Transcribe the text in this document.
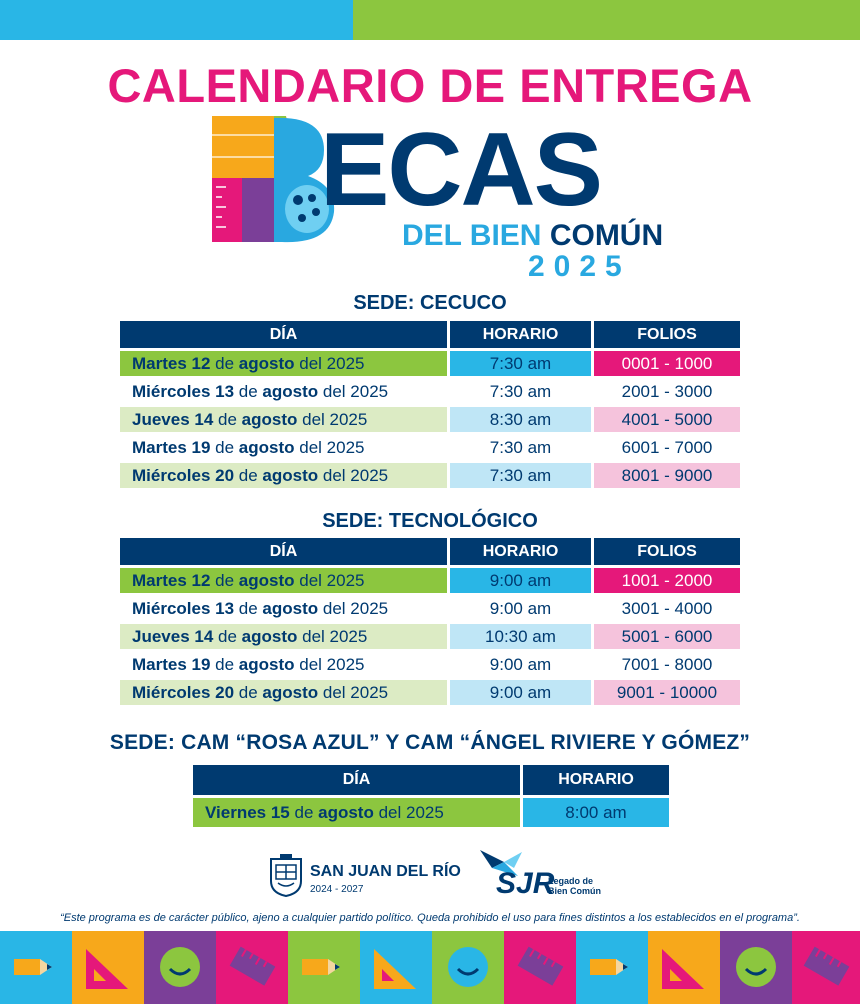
CALENDARIO DE ENTREGA
ECAS
DEL BIEN COMÚN
2025
SEDE: CECUCO
DÍA	HORARIO	FOLIOS
Martes 12 de agosto del 2025	7:30 am	0001 - 1000
Miércoles 13 de agosto del 2025	7:30 am	2001 - 3000
Jueves 14 de agosto del 2025	8:30 am	4001 - 5000
Martes 19 de agosto del 2025	7:30 am	6001 - 7000
Miércoles 20 de agosto del 2025	7:30 am	8001 - 9000
SEDE: TECNOLÓGICO
DÍA	HORARIO	FOLIOS
Martes 12 de agosto del 2025	9:00 am	1001 - 2000
Miércoles 13 de agosto del 2025	9:00 am	3001 - 4000
Jueves 14 de agosto del 2025	10:30 am	5001 - 6000
Martes 19 de agosto del 2025	9:00 am	7001 - 8000
Miércoles 20 de agosto del 2025	9:00 am	9001 - 10000
SEDE: CAM “ROSA AZUL” Y CAM “ÁNGEL RIVIERE Y GÓMEZ”
DÍA	HORARIO
Viernes 15 de agosto del 2025	8:00 am
SAN JUAN DEL RÍO
2024 - 2027	SJR
Legado de Bien Común
“Este programa es de carácter público, ajeno a cualquier partido político. Queda prohibido el uso para fines distintos a los establecidos en el programa”.
